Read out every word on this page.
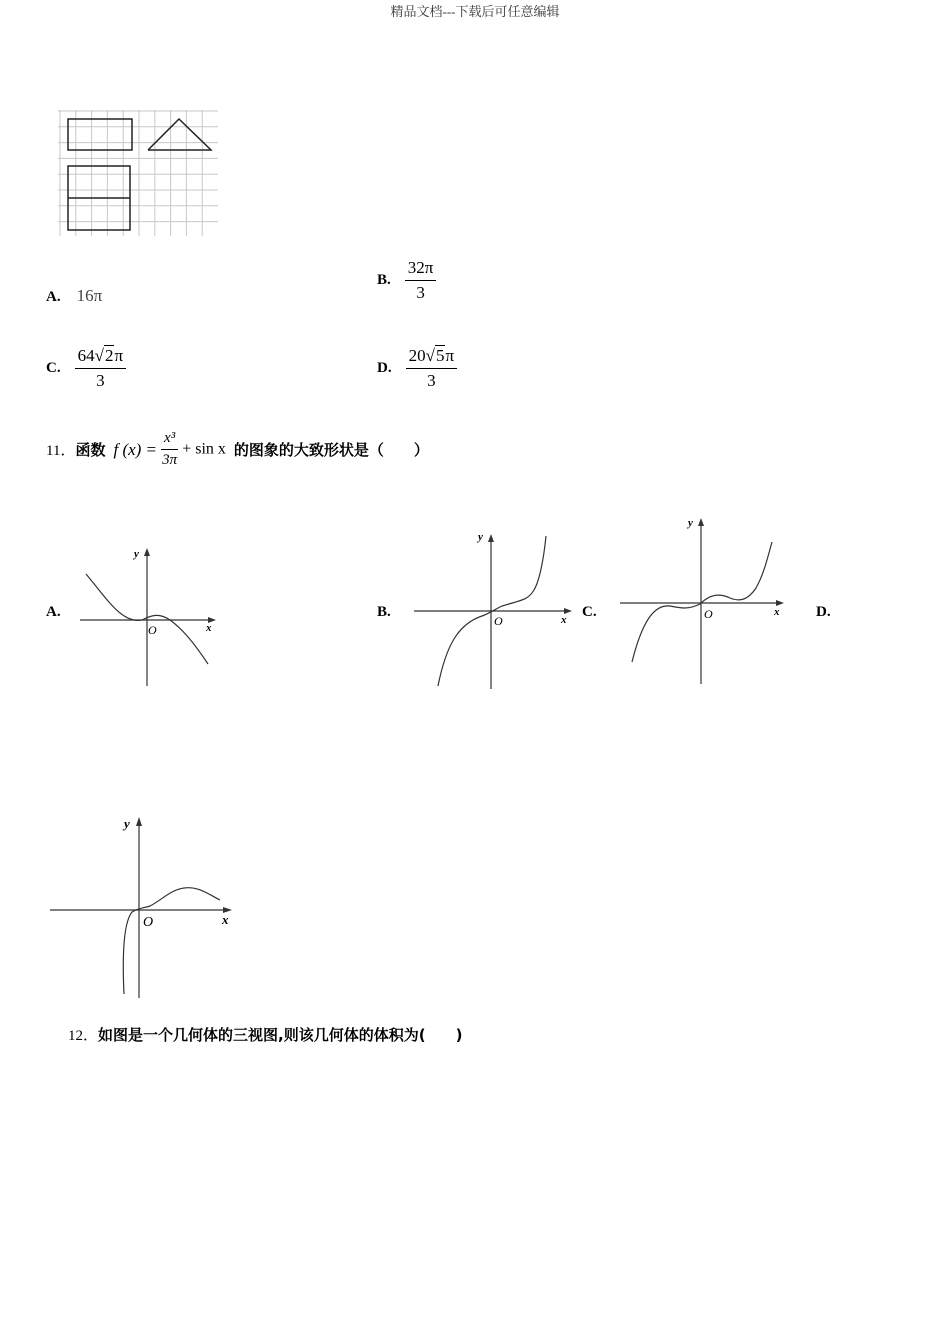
精品文档---下载后可任意编辑
A. 16π
B. $\frac{32\pi}{3}$
C. $\frac{64√2\pi}{3}$	D. $\frac{20√5\pi}{3}$
11．函数 f $(x) = \frac{\text{x³}}{3\pi} + \sin x$ 的图象的大致形状是（　　）
A.	B.	C.	D.
x
y
O
x
y
O
x
y
O
x
y
O
12．如图是一个几何体的三视图,则该几何体的体积为(　　)
